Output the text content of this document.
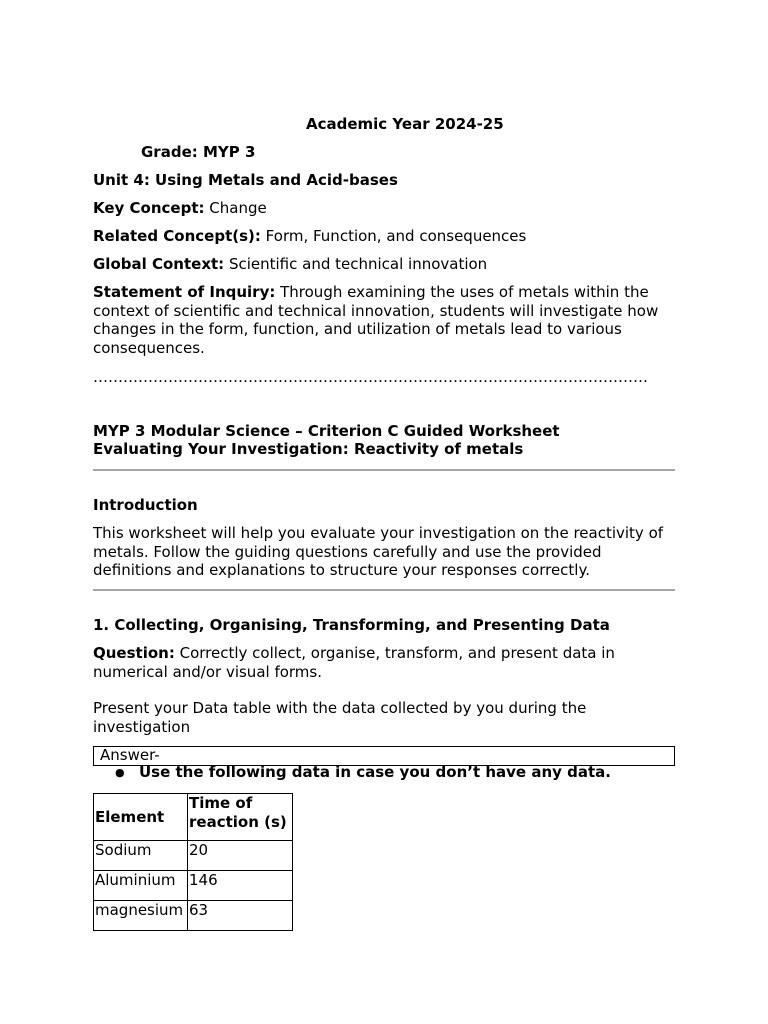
Academic Year 2024-25
Grade: MYP 3
Unit 4: Using Metals and Acid-bases
Key Concept: Change
Related Concept(s): Form, Function, and consequences
Global Context: Scientific and technical innovation
Statement of Inquiry: Through examining the uses of metals within the context of scientific and technical innovation, students will investigate how changes in the form, function, and utilization of metals lead to various consequences.
…………………………………………………………………………………………………
MYP 3 Modular Science – Criterion C Guided Worksheet
Evaluating Your Investigation: Reactivity of metals
Introduction
This worksheet will help you evaluate your investigation on the reactivity of metals. Follow the guiding questions carefully and use the provided definitions and explanations to structure your responses correctly.
1. Collecting, Organising, Transforming, and Presenting Data
Question: Correctly collect, organise, transform, and present data in numerical and/or visual forms.
Present your Data table with the data collected by you during the investigation
Answer-
● Use the following data in case you don’t have any data.
Element	Time of reaction (s)
Sodium	20
Aluminium	146
magnesium	63
